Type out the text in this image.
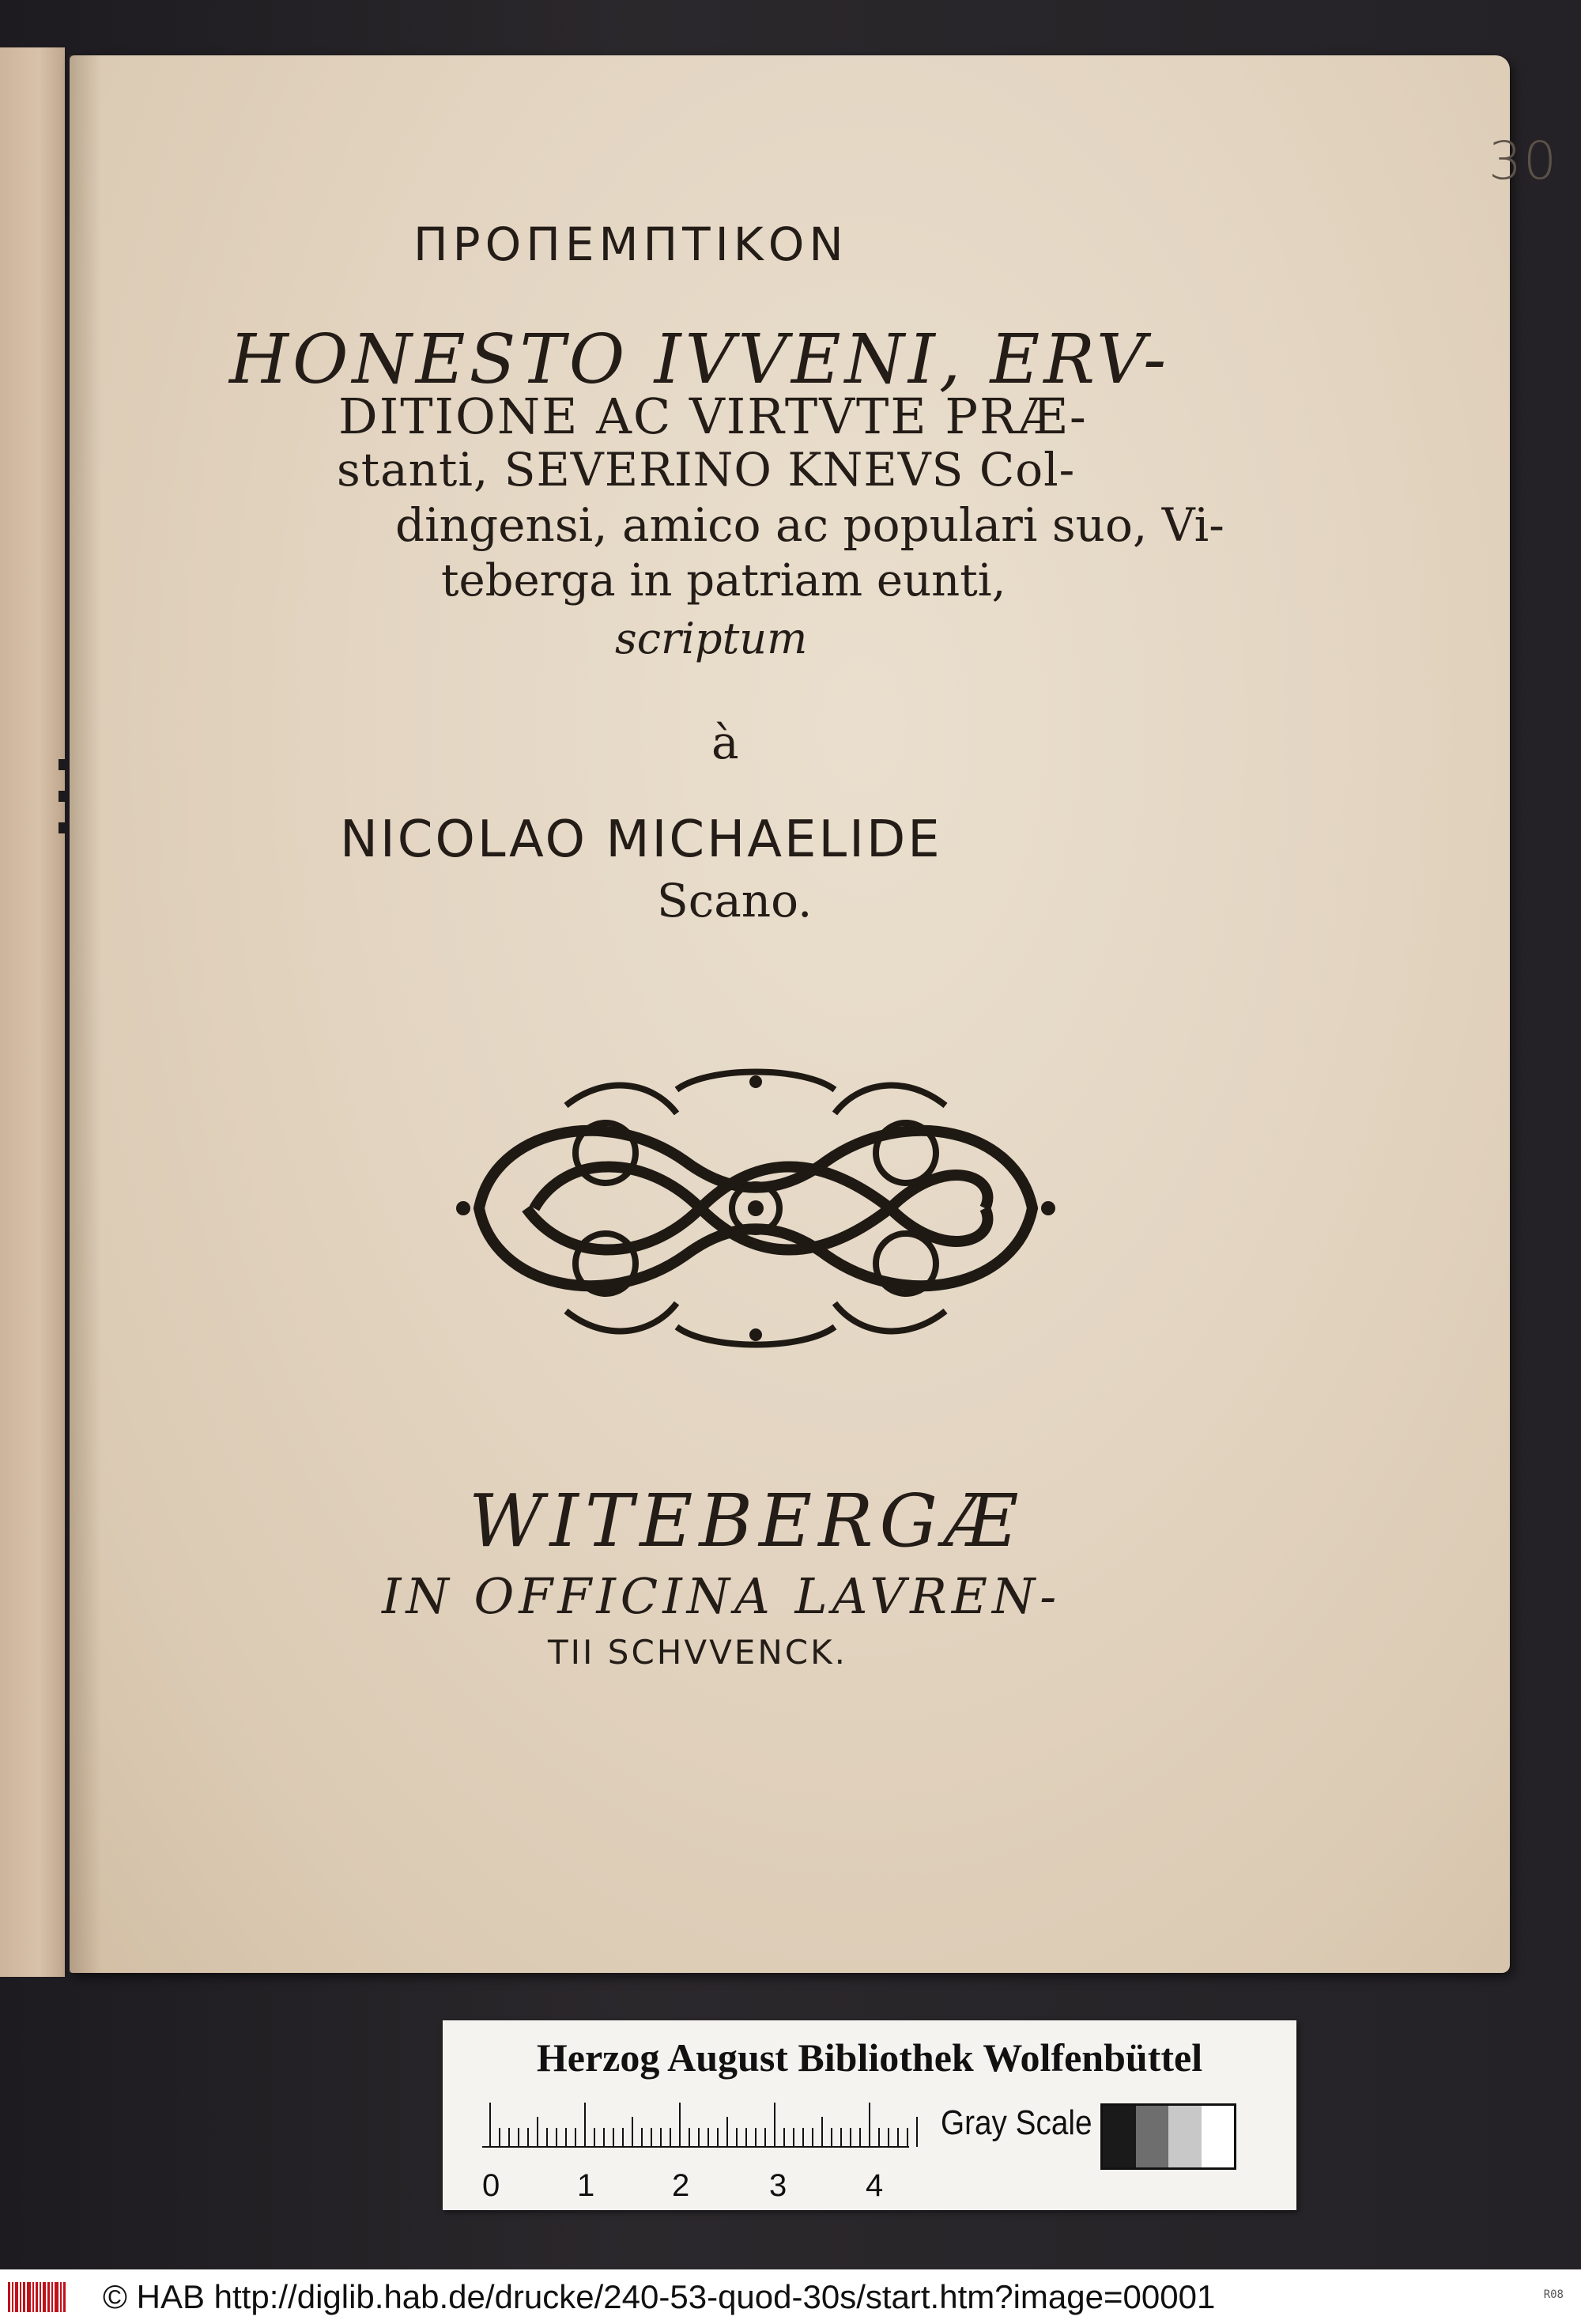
30
ΠΡΟΠΕΜΠΤΙΚΟΝ
HONESTO IVVENI, ERV-
DITIONE AC VIRTVTE PRÆ-
stanti, SEVERINO KNEVS Col-
dingensi, amico ac populari suo, Vi-
teberga in patriam eunti,
scriptum
à
NICOLAO MICHAELIDE
Scano.
WITEBERGÆ
IN OFFICINA LAVREN-
TII SCHVVENCK.
Herzog August Bibliothek Wolfenbüttel
0 1 2	3 4
Gray Scale
© HAB http://diglib.hab.de/drucke/240-53-quod-30s/start.htm?image=00001	R08
